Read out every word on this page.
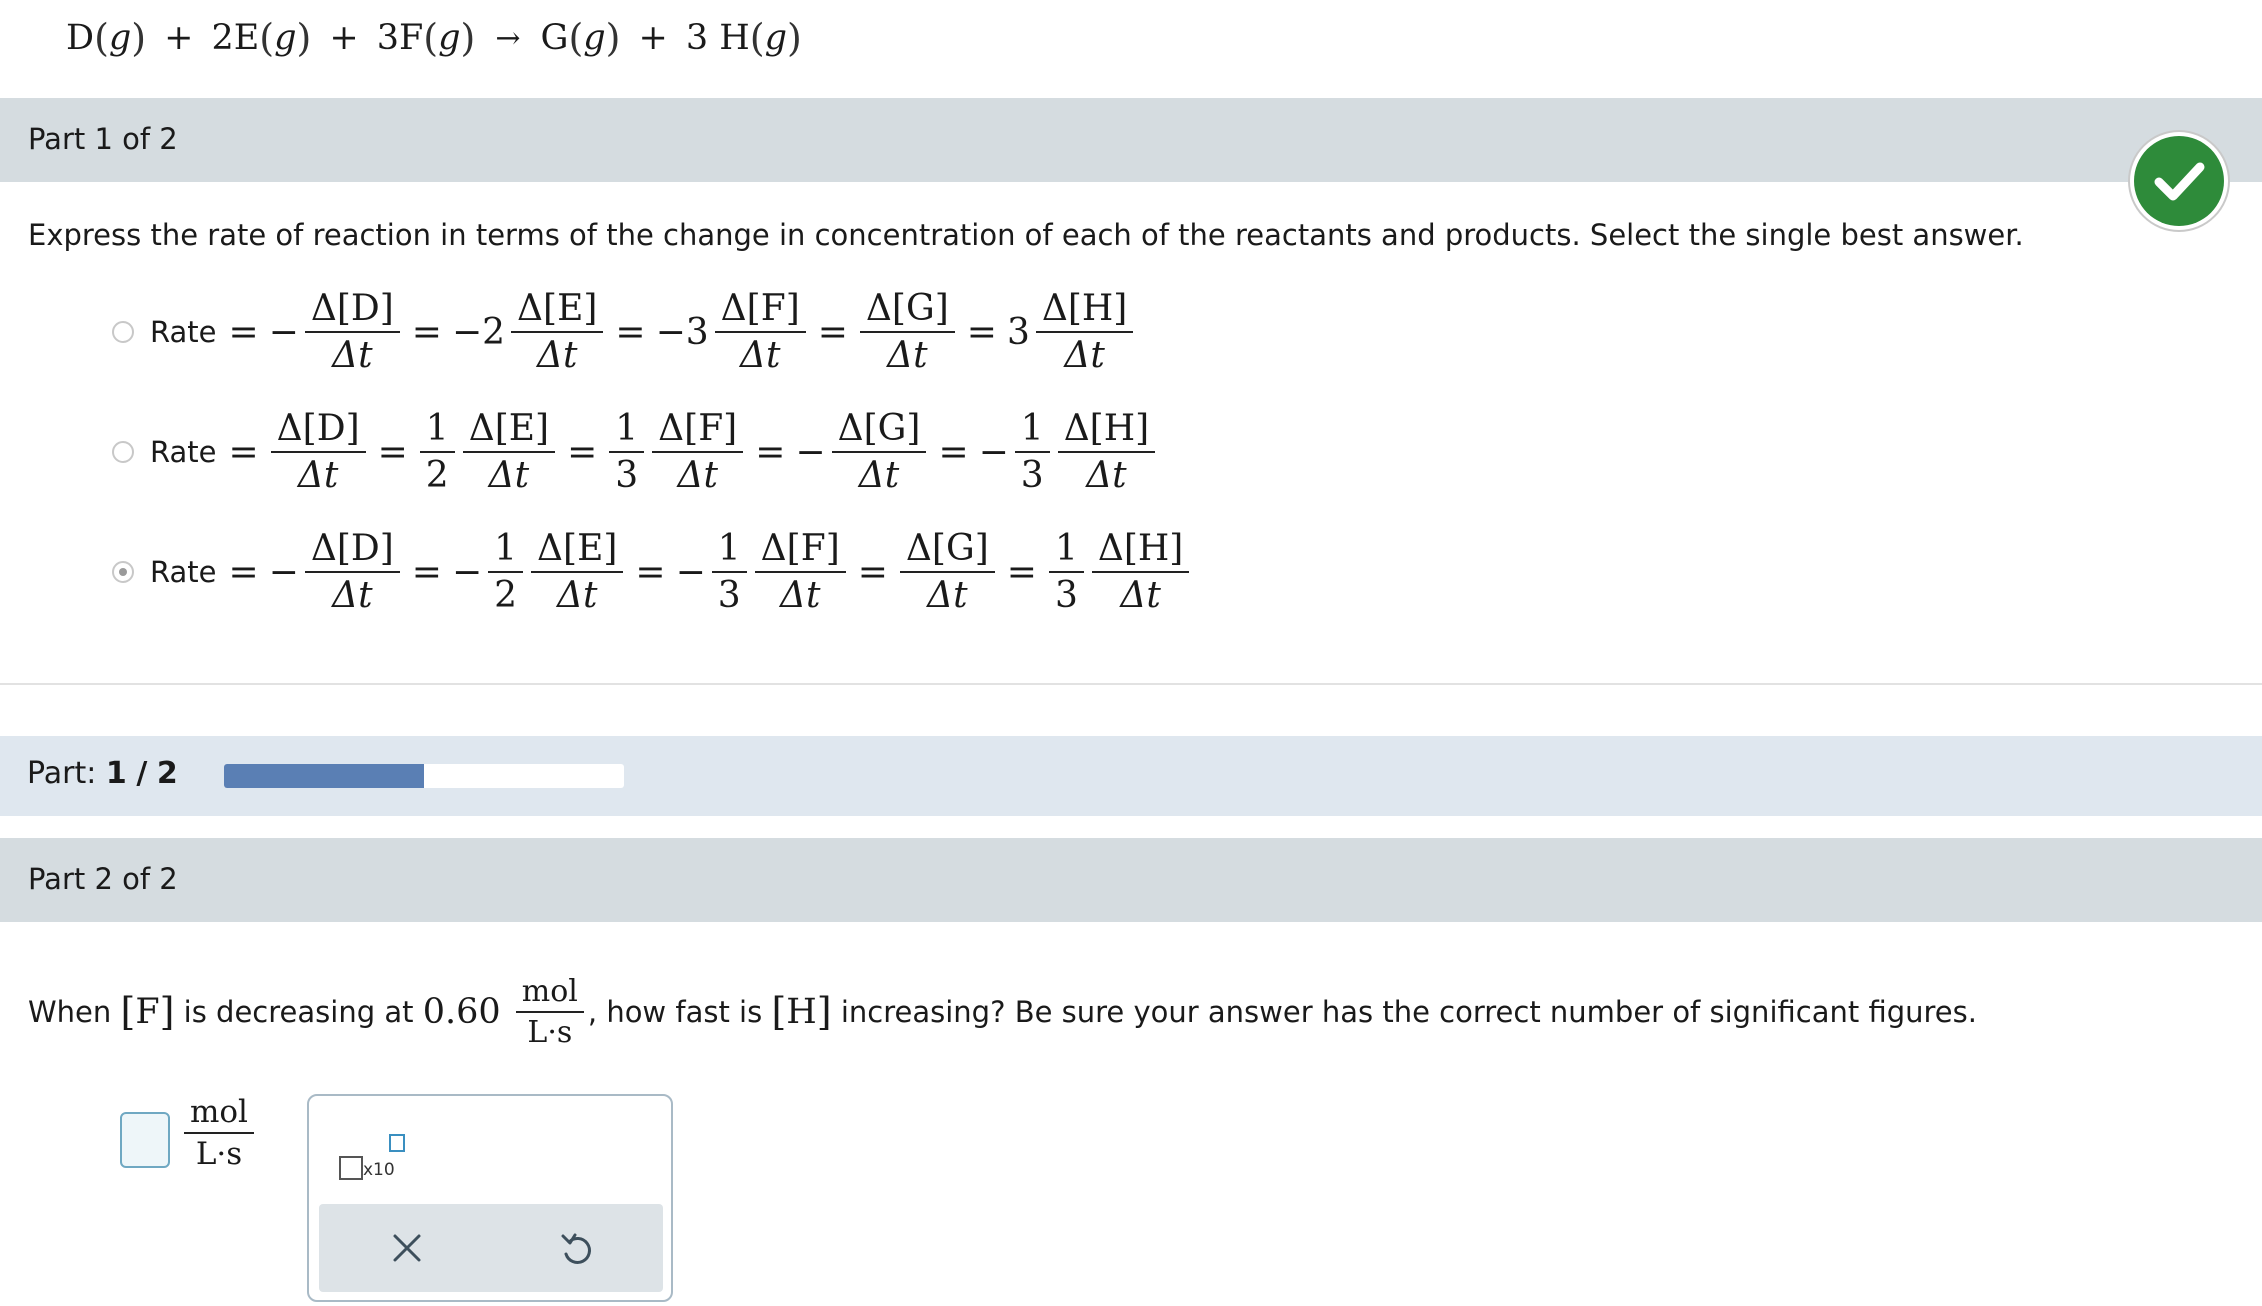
D ( g ) + 2 E ( g ) + 3 F ( g ) → G ( g ) + 3
H ( g )
Part 1 of 2
Express the rate of reaction in terms of the change in concentration of each of the reactants and products. Select the single best answer.
Rate = − $\frac{\Delta[D]}{\Delta t} = -2 \frac{\Delta[E]}{\Delta t} = -3 \frac{\Delta[F]}{\Delta t} = \frac{\Delta[G]}{\Delta t} = 3 \frac{\Delta[H]}{\Delta t}$
Rate = $\frac{\Delta[D]}{\Delta t} = \frac{1}{2} \frac{\Delta[E]}{\Delta t} = \frac{1}{3} \frac{\Delta[F]}{\Delta t}$ = − $\frac{\Delta[G]}{\Delta t}$ = − $\frac{1}{3} \frac{\Delta[H]}{\Delta t}$
Rate = − $\frac{\Delta[D]}{\Delta t}$ = − $\frac{1}{2} \frac{\Delta[E]}{\Delta t}$ = − $\frac{1}{3} \frac{\Delta[F]}{\Delta t} = \frac{\Delta[G]}{\Delta t} = \frac{1}{3} \frac{\Delta[H]}{\Delta t}$
Part: 1 / 2
Part 2 of 2
When
[ F ]
is decreasing at
0.60
$\frac{\text{mol}}{L\cdot s}$ ,
how fast is
[ H ]
increasing? Be sure your answer has the correct number of significant figures.
$\frac{\text{mol}}{L\cdot s}$	x10
